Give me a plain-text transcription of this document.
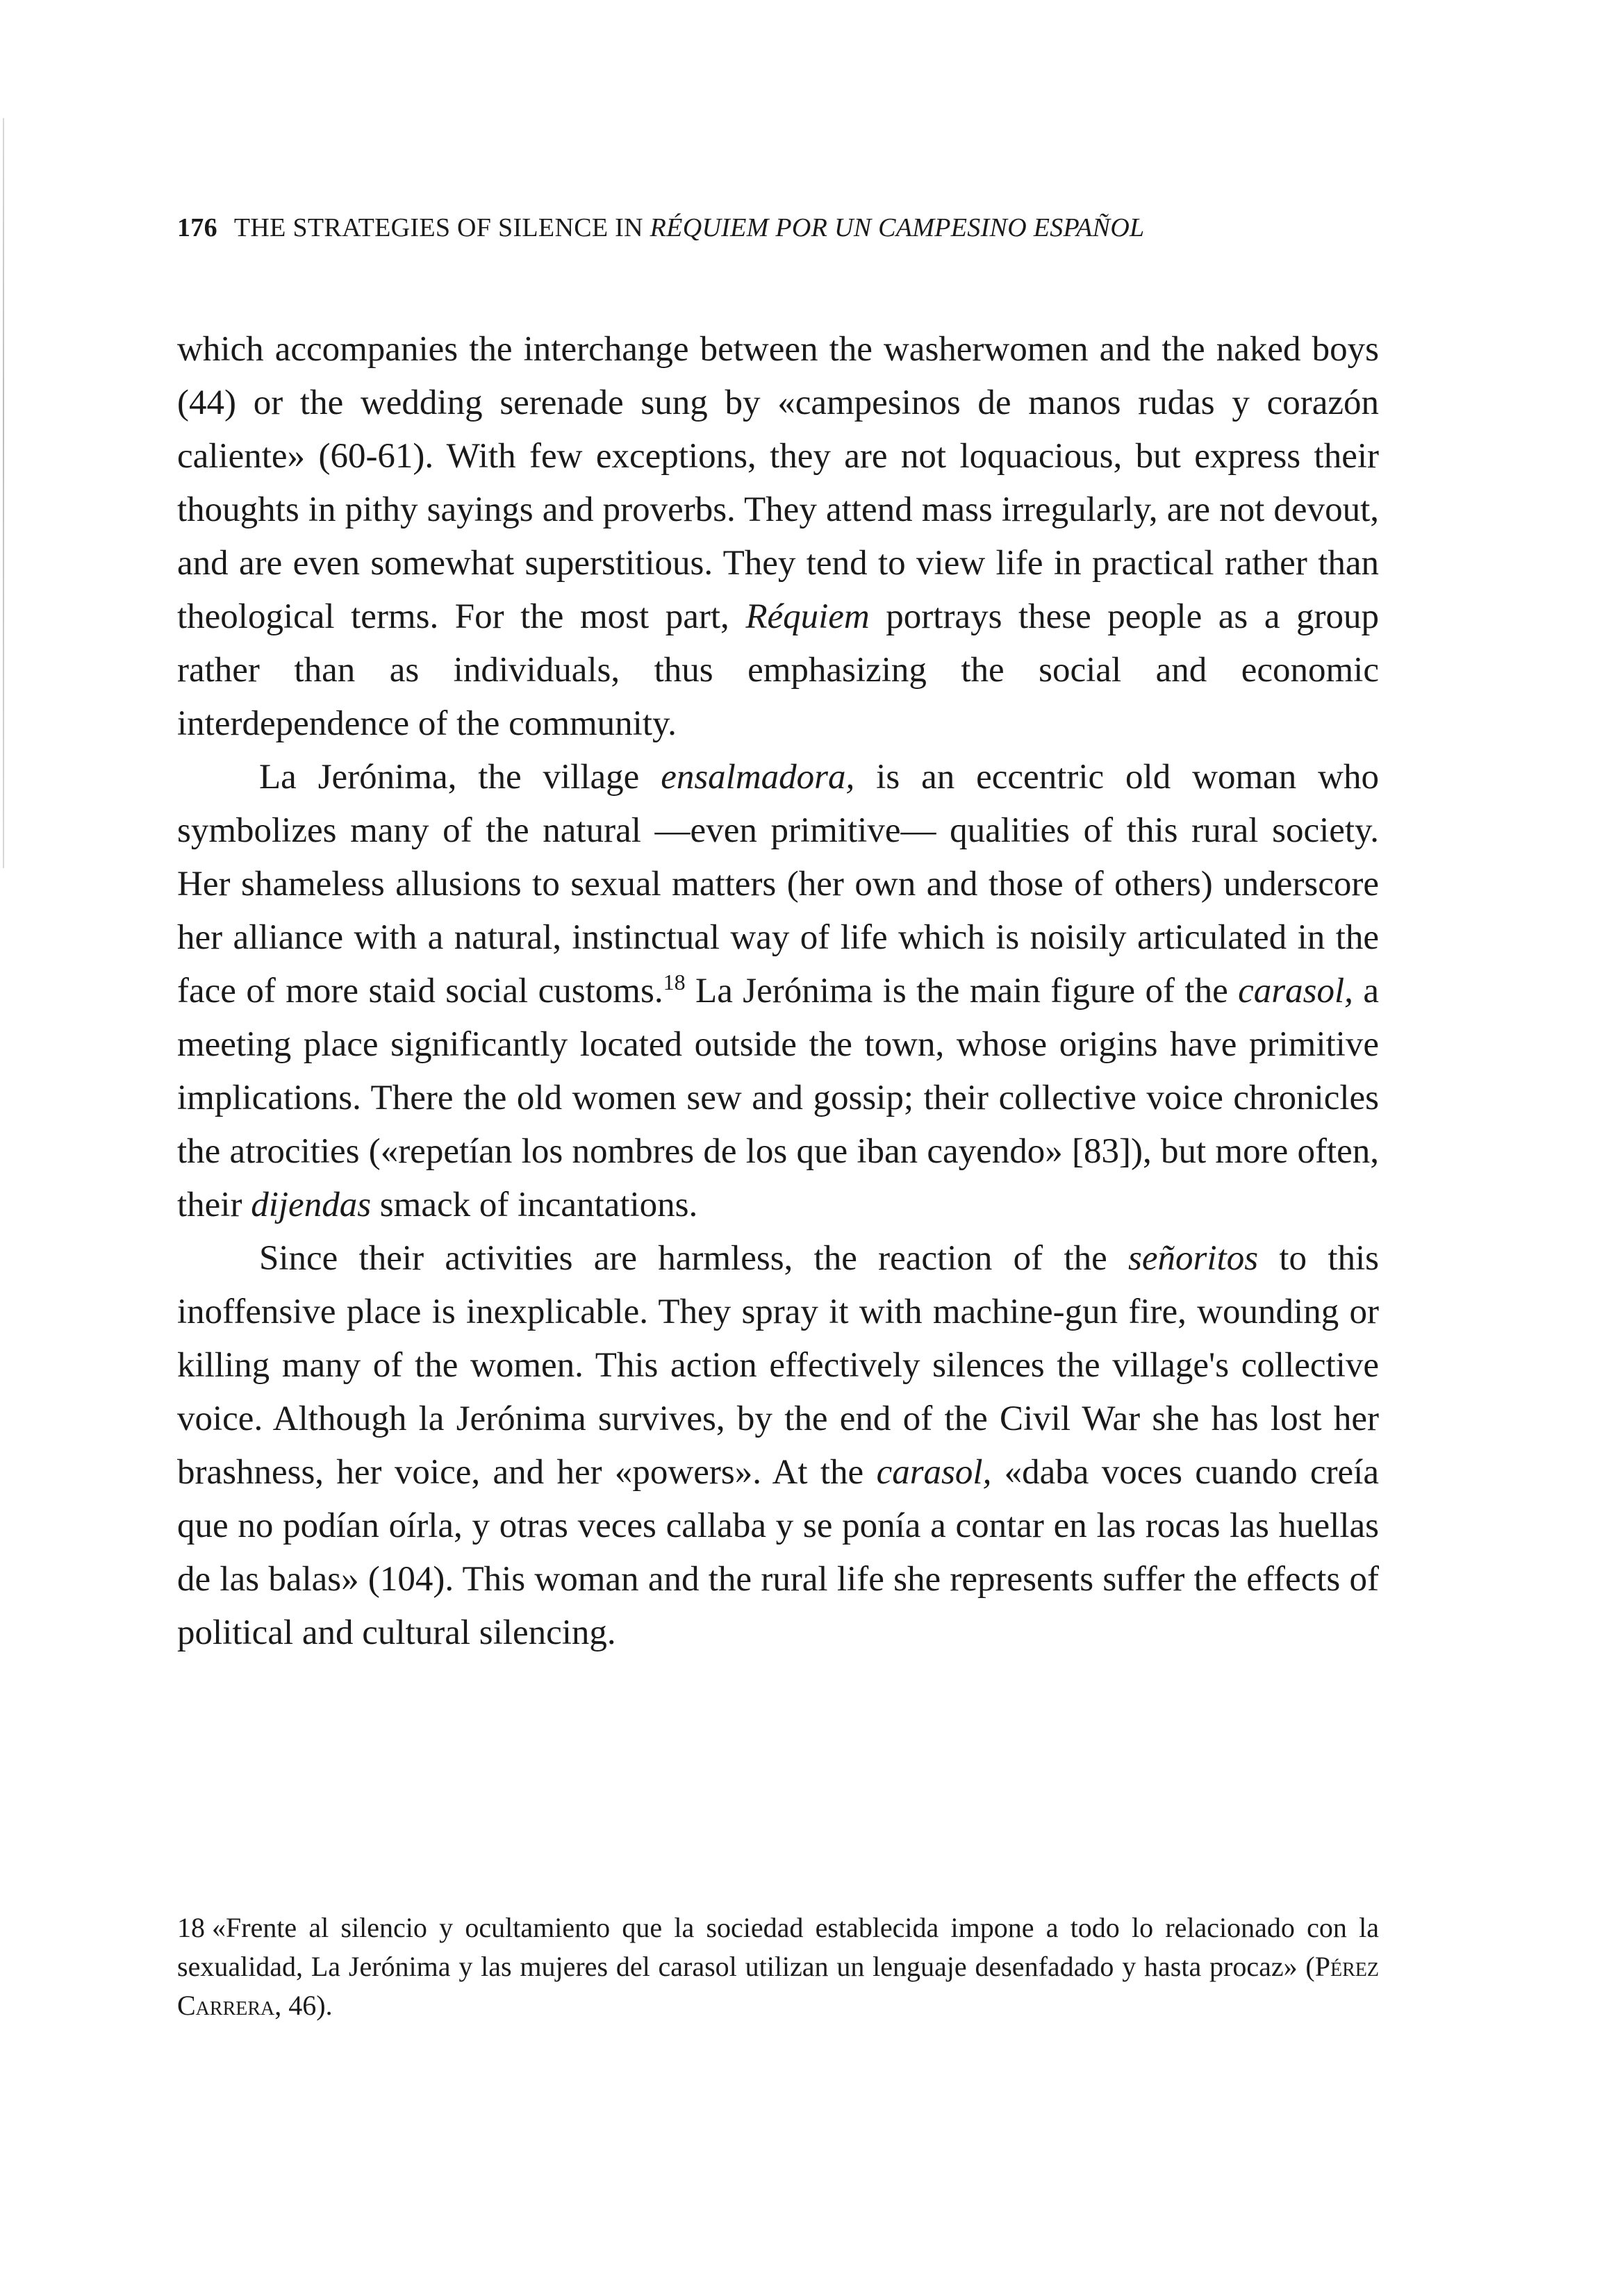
176 THE STRATEGIES OF SILENCE IN RÉQUIEM POR UN CAMPESINO ESPAÑOL

which accompanies the interchange between the washerwomen and the naked boys (44) or the wedding serenade sung by «campesinos de manos rudas y corazón caliente» (60-61). With few exceptions, they are not loquacious, but express their thoughts in pithy sayings and proverbs. They attend mass irregularly, are not devout, and are even somewhat superstitious. They tend to view life in practical rather than theological terms. For the most part, Réquiem portrays these people as a group rather than as individuals, thus emphasizing the social and economic interdependence of the community.

La Jerónima, the village ensalmadora, is an eccentric old woman who symbolizes many of the natural —even primitive— qualities of this rural society. Her shameless allusions to sexual matters (her own and those of others) underscore her alliance with a natural, instinctual way of life which is noisily articulated in the face of more staid social customs.$^{18}$ La Jerónima is the main figure of the carasol, a meeting place significantly located outside the town, whose origins have primitive implications. There the old women sew and gossip; their collective voice chronicles the atrocities («repetían los nombres de los que iban cayendo» [83]), but more often, their dijendas smack of incantations.

Since their activities are harmless, the reaction of the señoritos to this inoffensive place is inexplicable. They spray it with machine-gun fire, wounding or killing many of the women. This action effectively silences the village's collective voice. Although la Jerónima survives, by the end of the Civil War she has lost her brashness, her voice, and her «powers». At the carasol, «daba voces cuando creía que no podían oírla, y otras veces callaba y se ponía a contar en las rocas las huellas de las balas» (104). This woman and the rural life she represents suffer the effects of political and cultural silencing.

18 «Frente al silencio y ocultamiento que la sociedad establecida impone a todo lo relacionado con la sexualidad, La Jerónima y las mujeres del carasol utilizan un lenguaje desenfadado y hasta procaz» (Pérez Carrera, 46).
